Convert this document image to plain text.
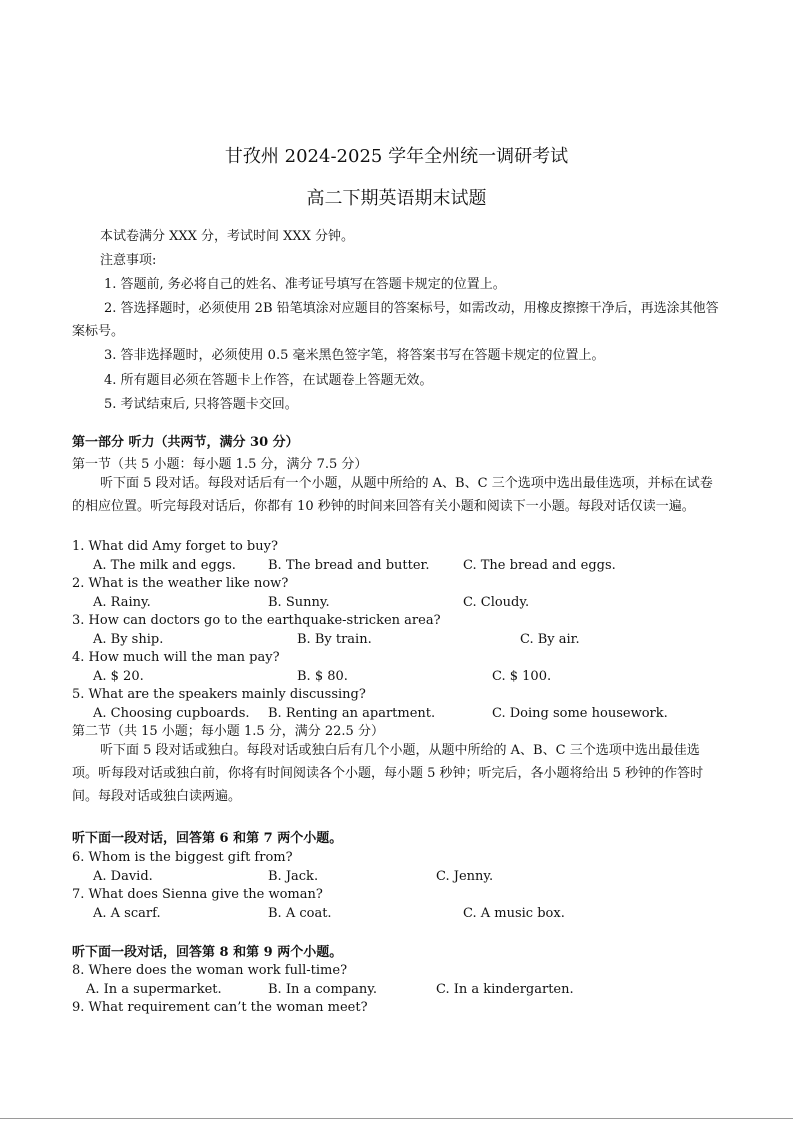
甘孜州 2024-2025 学年全州统一调研考试
高二下期英语期末试题
本试卷满分 XXX 分，考试时间 XXX 分钟。
注意事项:
1. 答题前, 务必将自己的姓名、准考证号填写在答题卡规定的位置上。
2. 答选择题时，必须使用 2B 铅笔填涂对应题目的答案标号，如需改动，用橡皮擦擦干净后，再选涂其他答案标号。
3. 答非选择题时，必须使用 0.5 毫米黑色签字笔，将答案书写在答题卡规定的位置上。
4. 所有题目必须在答题卡上作答，在试题卷上答题无效。
5. 考试结束后, 只将答题卡交回。
第一部分 听力（共两节，满分 30 分）
第一节（共 5 小题：每小题 1.5 分，满分 7.5 分）
听下面 5 段对话。每段对话后有一个小题，从题中所给的 A、B、C 三个选项中选出最佳选项，并标在试卷的相应位置。听完每段对话后，你都有 10 秒钟的时间来回答有关小题和阅读下一小题。每段对话仅读一遍。
1. What did Amy forget to buy?
A. The milk and eggs. B. The bread and butter.	C. The bread and eggs.
2. What is the weather like now?
A. Rainy.	B. Sunny.	C. Cloudy.
3. How can doctors go to the earthquake-stricken area?
A. By ship.	B. By train.	C. By air.
4. How much will the man pay?
A. $ 20.	B. $ 80.	C. $ 100.
5. What are the speakers mainly discussing?
A. Choosing cupboards. B. Renting an apartment.	C. Doing some housework.
第二节（共 15 小题；每小题 1.5 分，满分 22.5 分）
听下面 5 段对话或独白。每段对话或独白后有几个小题，从题中所给的 A、B、C 三个选项中选出最佳选项。听每段对话或独白前，你将有时间阅读各个小题，每小题 5 秒钟；听完后，各小题将给出 5 秒钟的作答时间。每段对话或独白读两遍。
听下面一段对话，回答第 6 和第 7 两个小题。
6. Whom is the biggest gift from?
A. David.	B. Jack.	C. Jenny.
7. What does Sienna give the woman?
A. A scarf.	B. A coat.	C. A music box.
听下面一段对话，回答第 8 和第 9 两个小题。
8. Where does the woman work full-time?
A. In a supermarket.	B. In a company.	C. In a kindergarten.
9. What requirement can’t the woman meet?
